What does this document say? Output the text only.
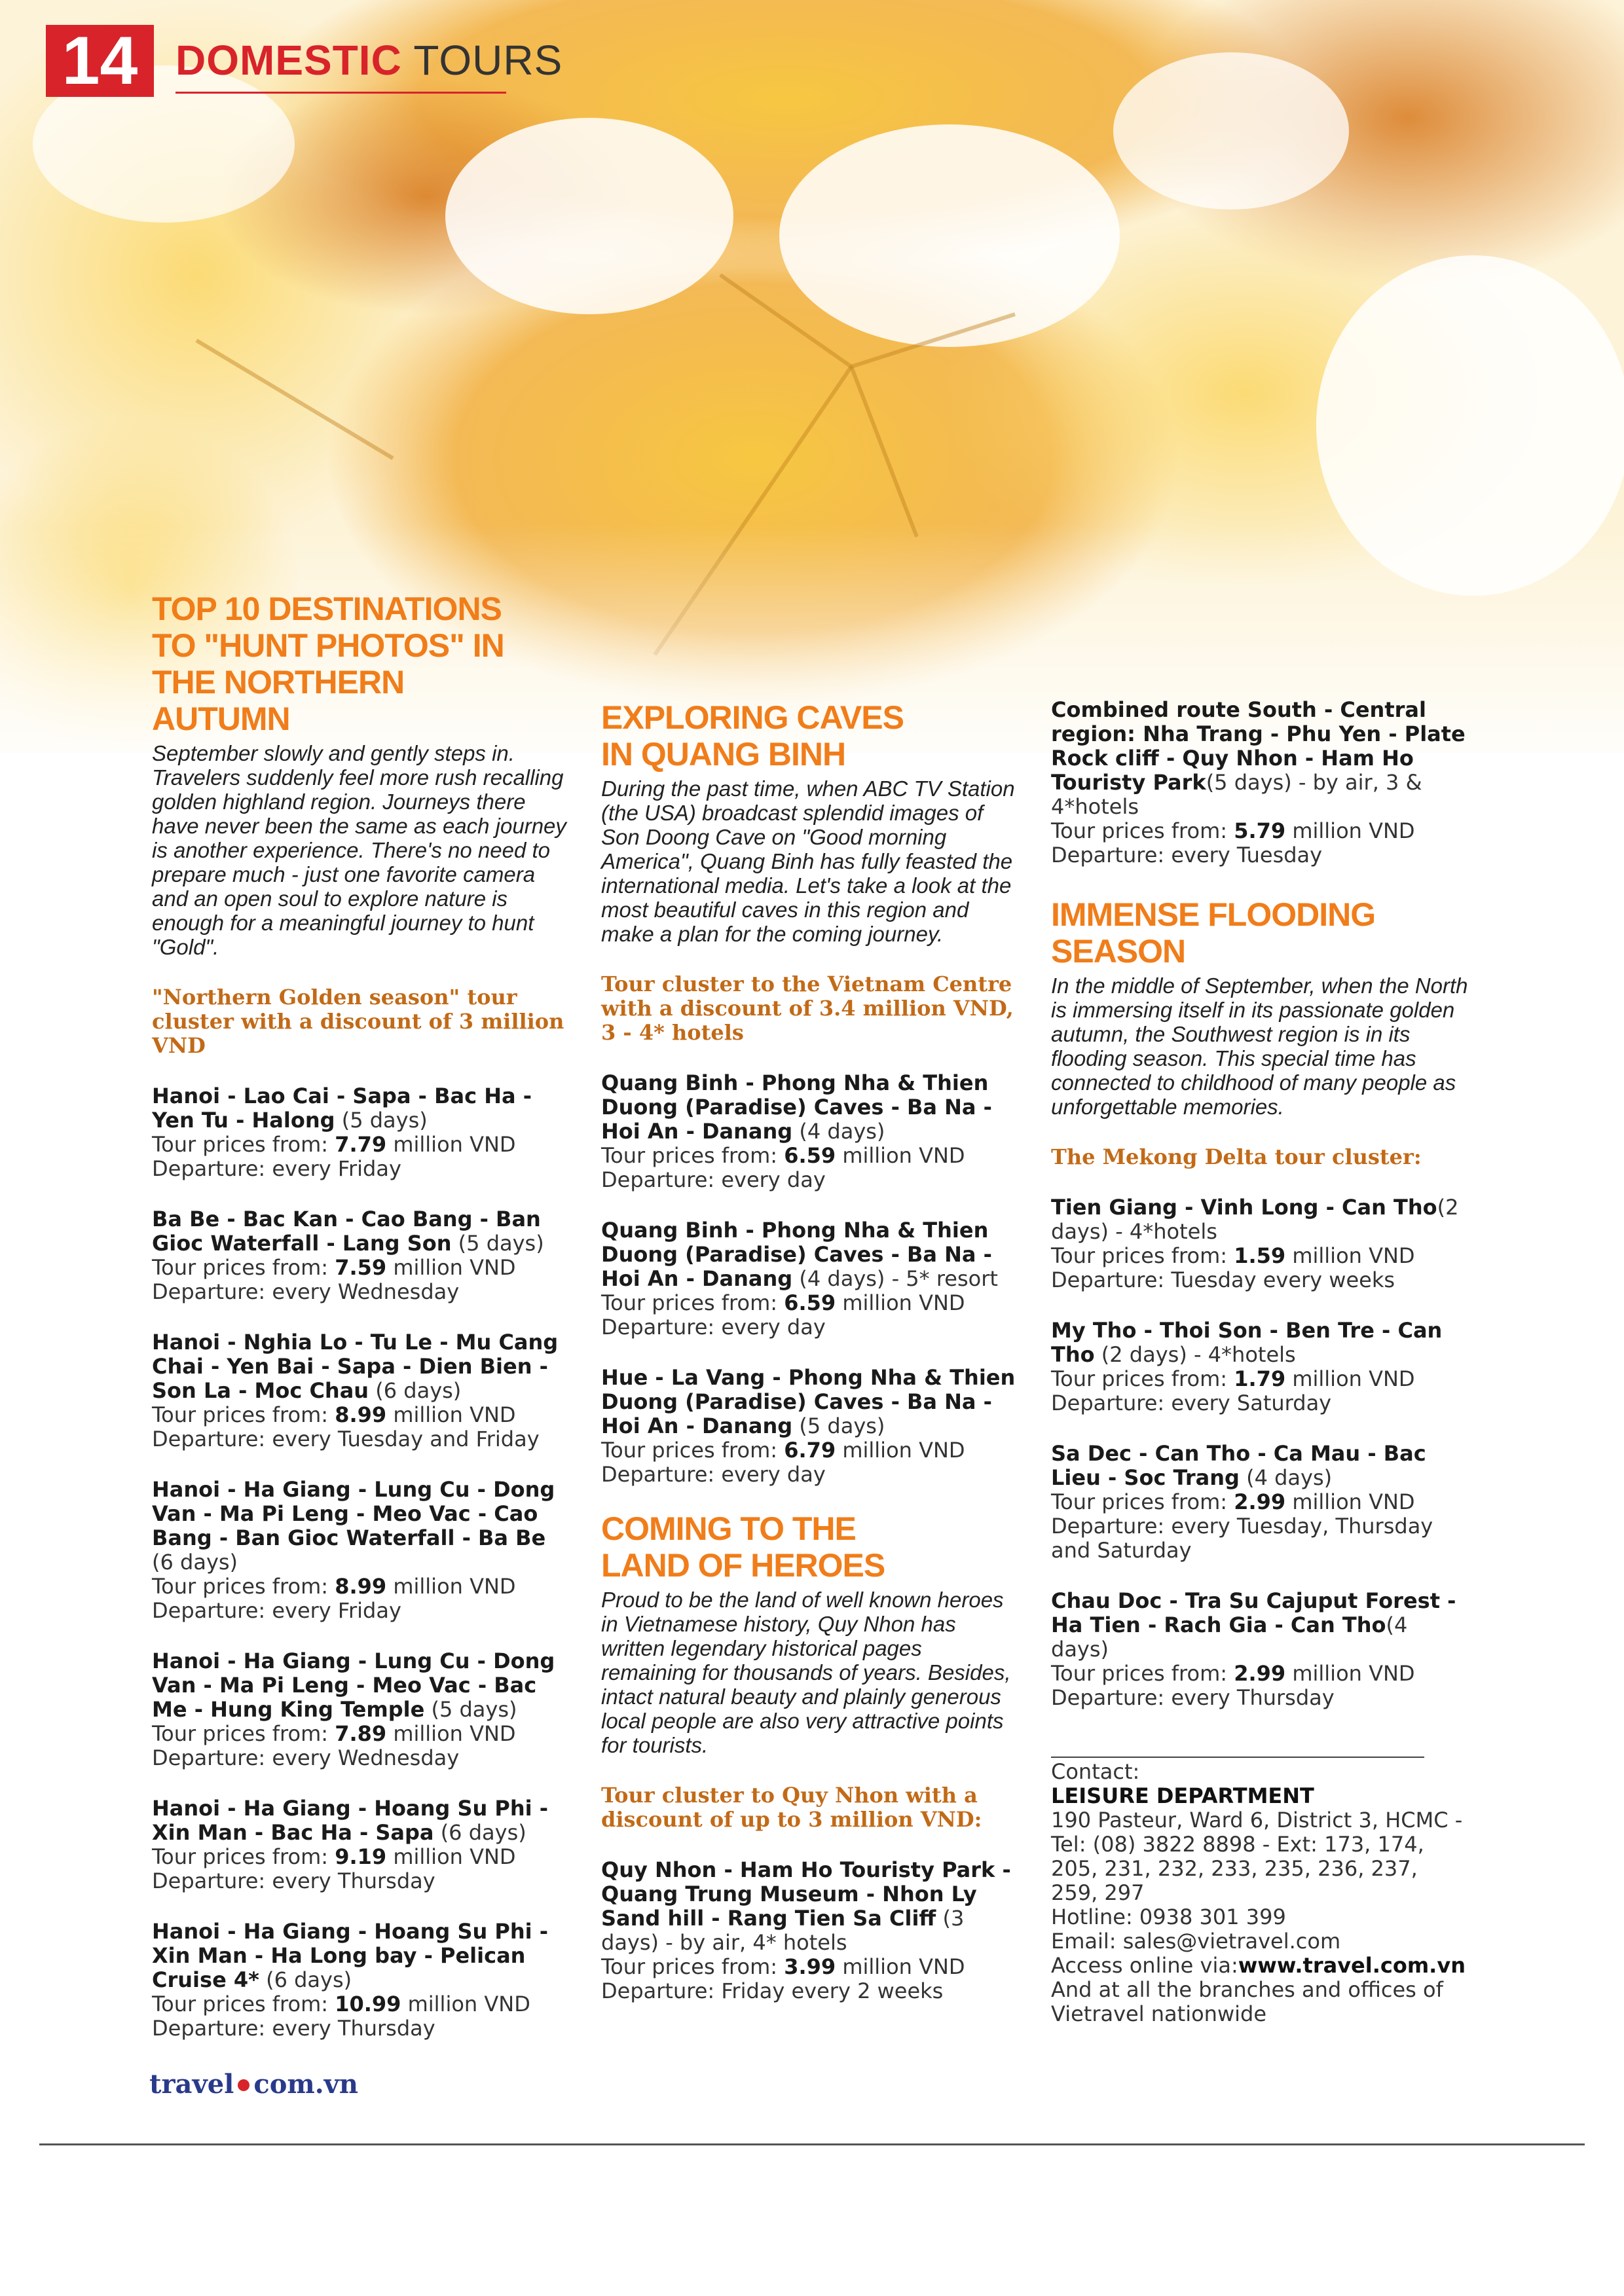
14 DOMESTIC TOURS
TOP 10 DESTINATIONS TO "HUNT PHOTOS" IN THE NORTHERN AUTUMN

September slowly and gently steps in. Travelers suddenly feel more rush recalling golden highland region. Journeys there have never been the same as each journey is another experience. There's no need to prepare much - just one favorite camera and an open soul to explore nature is enough for a meaningful journey to hunt "Gold".

"Northern Golden season" tour cluster with a discount of 3 million VND

Hanoi - Lao Cai - Sapa - Bac Ha - Yen Tu - Halong (5 days)
Tour prices from: 7.79 million VND
Departure: every Friday
Ba Be - Bac Kan - Cao Bang - Ban Gioc Waterfall - Lang Son (5 days)
Tour prices from: 7.59 million VND
Departure: every Wednesday
Hanoi - Nghia Lo - Tu Le - Mu Cang Chai - Yen Bai - Sapa - Dien Bien - Son La - Moc Chau (6 days)
Tour prices from: 8.99 million VND
Departure: every Tuesday and Friday
Hanoi - Ha Giang - Lung Cu - Dong Van - Ma Pi Leng - Meo Vac - Cao Bang - Ban Gioc Waterfall - Ba Be (6 days)
Tour prices from: 8.99 million VND
Departure: every Friday
Hanoi - Ha Giang - Lung Cu - Dong Van - Ma Pi Leng - Meo Vac - Bac Me - Hung King Temple (5 days)
Tour prices from: 7.89 million VND
Departure: every Wednesday
Hanoi - Ha Giang - Hoang Su Phi - Xin Man - Bac Ha - Sapa (6 days)
Tour prices from: 9.19 million VND
Departure: every Thursday
Hanoi - Ha Giang - Hoang Su Phi - Xin Man - Ha Long bay - Pelican Cruise 4* (6 days)
Tour prices from: 10.99 million VND
Departure: every Thursday
EXPLORING CAVES IN QUANG BINH

During the past time, when ABC TV Station (the USA) broadcast splendid images of Son Doong Cave on "Good morning America", Quang Binh has fully feasted the international media. Let's take a look at the most beautiful caves in this region and make a plan for the coming journey.

Tour cluster to the Vietnam Centre with a discount of 3.4 million VND, 3 - 4* hotels

Quang Binh - Phong Nha & Thien Duong (Paradise) Caves - Ba Na - Hoi An - Danang (4 days)
Tour prices from: 6.59 million VND
Departure: every day
Quang Binh - Phong Nha & Thien Duong (Paradise) Caves - Ba Na - Hoi An - Danang (4 days) - 5* resort
Tour prices from: 6.59 million VND
Departure: every day
Hue - La Vang - Phong Nha & Thien Duong (Paradise) Caves - Ba Na - Hoi An - Danang (5 days)
Tour prices from: 6.79 million VND
Departure: every day
COMING TO THE LAND OF HEROES

Proud to be the land of well known heroes in Vietnamese history, Quy Nhon has written legendary historical pages remaining for thousands of years. Besides, intact natural beauty and plainly generous local people are also very attractive points for tourists.

Tour cluster to Quy Nhon with a discount of up to 3 million VND:

Quy Nhon - Ham Ho Touristy Park - Quang Trung Museum - Nhon Ly Sand hill - Rang Tien Sa Cliff (3 days) - by air, 4* hotels
Tour prices from: 3.99 million VND
Departure: Friday every 2 weeks
Combined route South - Central region: Nha Trang - Phu Yen - Plate Rock cliff - Quy Nhon - Ham Ho Touristy Park(5 days) - by air, 3 & 4*hotels
Tour prices from: 5.79 million VND
Departure: every Tuesday
IMMENSE FLOODING SEASON

In the middle of September, when the North is immersing itself in its passionate golden autumn, the Southwest region is in its flooding season. This special time has connected to childhood of many people as unforgettable memories.

The Mekong Delta tour cluster:

Tien Giang - Vinh Long - Can Tho(2 days) - 4*hotels
Tour prices from: 1.59 million VND
Departure: Tuesday every weeks
My Tho - Thoi Son - Ben Tre - Can Tho (2 days) - 4*hotels
Tour prices from: 1.79 million VND
Departure: every Saturday
Sa Dec - Can Tho - Ca Mau - Bac Lieu - Soc Trang (4 days)
Tour prices from: 2.99 million VND
Departure: every Tuesday, Thursday and Saturday
Chau Doc - Tra Su Cajuput Forest - Ha Tien - Rach Gia - Can Tho(4 days)
Tour prices from: 2.99 million VND
Departure: every Thursday
Contact:
LEISURE DEPARTMENT
190 Pasteur, Ward 6, District 3, HCMC - Tel: (08) 3822 8898 - Ext: 173, 174, 205, 231, 232, 233, 235, 236, 237, 259, 297
Hotline: 0938 301 399
Email: sales@vietravel.com
Access online via:www.travel.com.vn
And at all the branches and offices of Vietravel nationwide
travel com.vn
